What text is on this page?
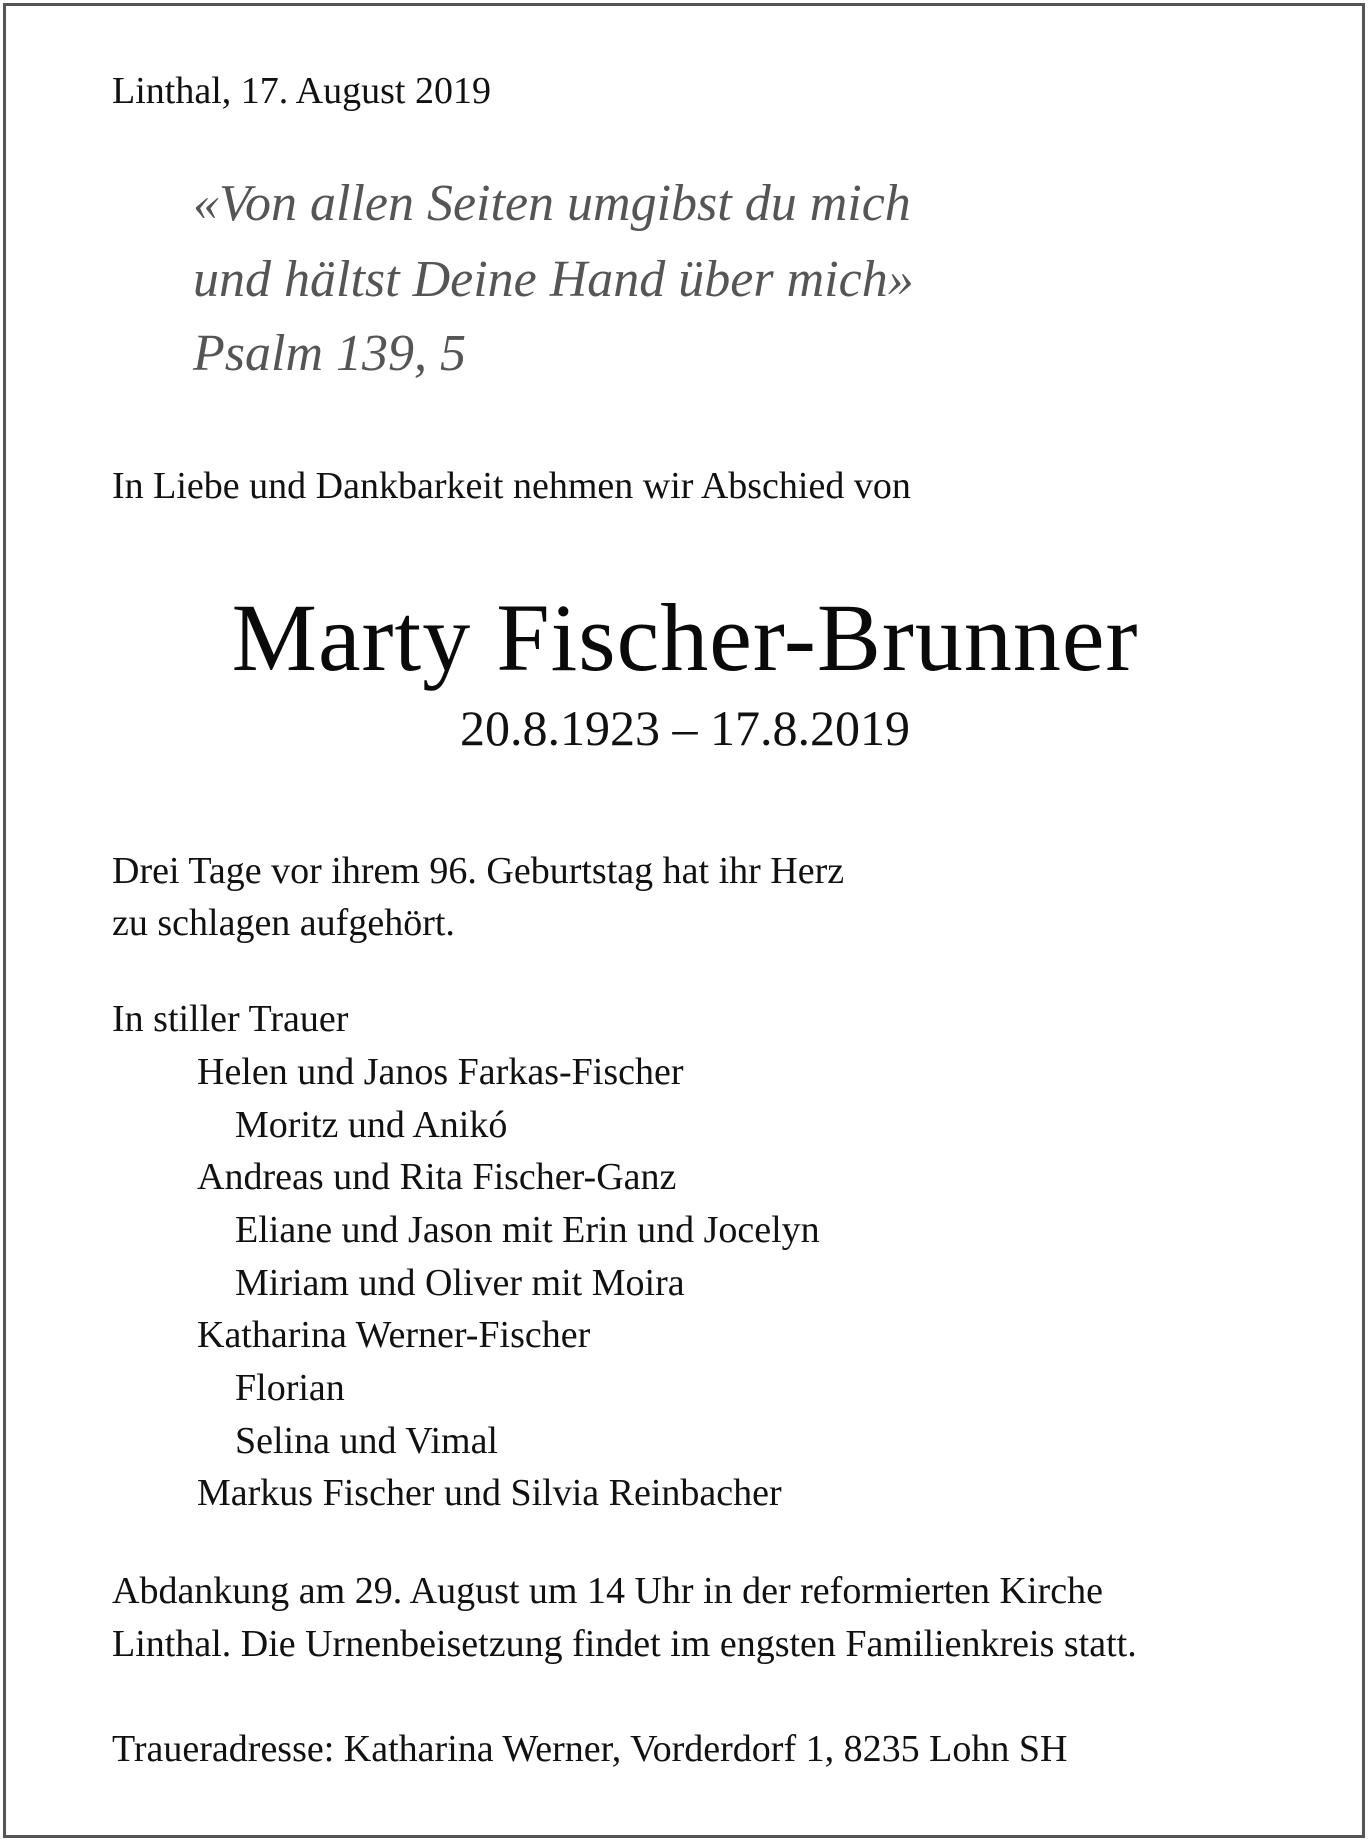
Linthal, 17. August 2019
«Von allen Seiten umgibst du mich
und hältst Deine Hand über mich»
Psalm 139, 5
In Liebe und Dankbarkeit nehmen wir Abschied von
Marty Fischer-Brunner
20.8.1923 – 17.8.2019
Drei Tage vor ihrem 96. Geburtstag hat ihr Herz
zu schlagen aufgehört.
In stiller Trauer
Helen und Janos Farkas-Fischer
Moritz und Anikó
Andreas und Rita Fischer-Ganz
Eliane und Jason mit Erin und Jocelyn
Miriam und Oliver mit Moira
Katharina Werner-Fischer
Florian
Selina und Vimal
Markus Fischer und Silvia Reinbacher
Abdankung am 29. August um 14 Uhr in der reformierten Kirche
Linthal. Die Urnenbeisetzung findet im engsten Familienkreis statt.
Traueradresse: Katharina Werner, Vorderdorf 1, 8235 Lohn SH
